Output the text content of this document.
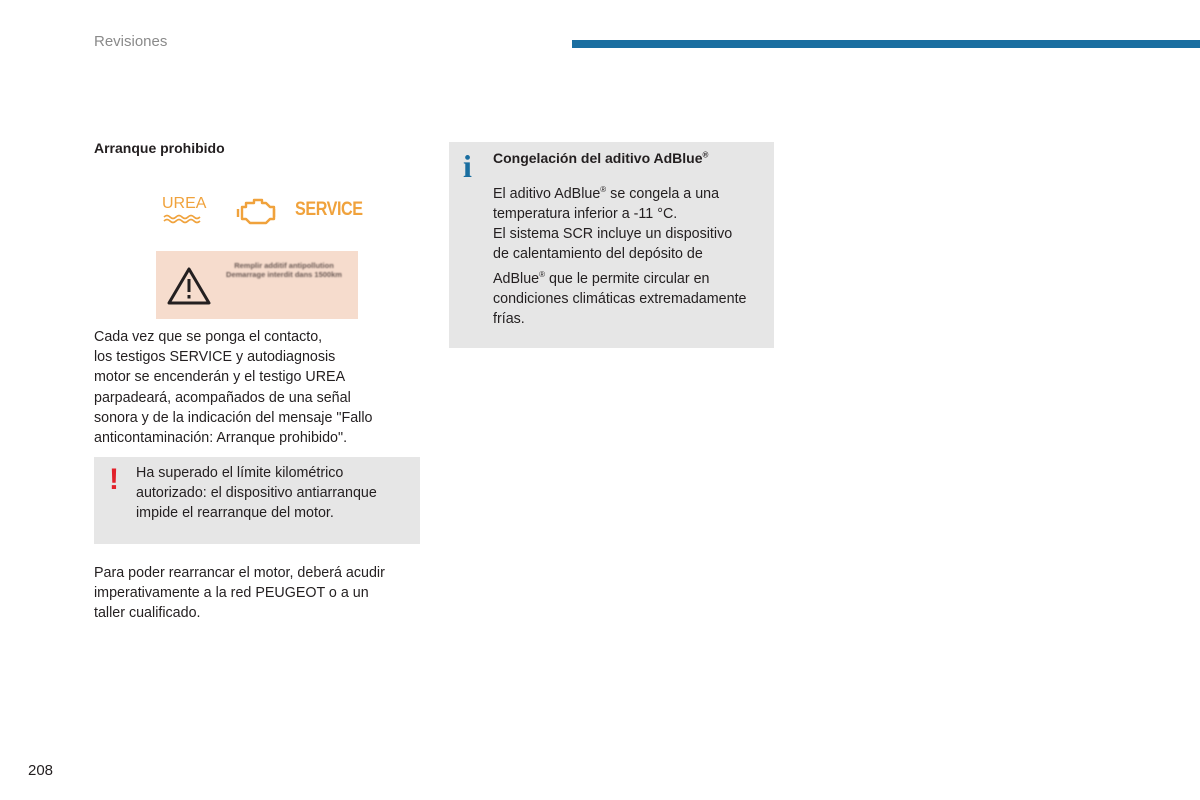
Revisiones
Arranque prohibido
UREA	SERVICE
Remplir additif antipollution Demarrage interdit dans 1500km
Cada vez que se ponga el contacto,
los testigos SERVICE y autodiagnosis
motor se encenderán y el testigo UREA
parpadeará, acompañados de una señal
sonora y de la indicación del mensaje "Fallo
anticontaminación: Arranque prohibido".
! Ha superado el límite kilométrico
autorizado: el dispositivo antiarranque
impide el rearranque del motor.
Para poder rearrancar el motor, deberá acudir
imperativamente a la red PEUGEOT o a un
taller cualificado.
i Congelación del aditivo AdBlue®
El aditivo AdBlue® se congela a una
temperatura inferior a -11 °C.
El sistema SCR incluye un dispositivo
de calentamiento del depósito de
AdBlue® que le permite circular en
condiciones climáticas extremadamente
frías.
208
